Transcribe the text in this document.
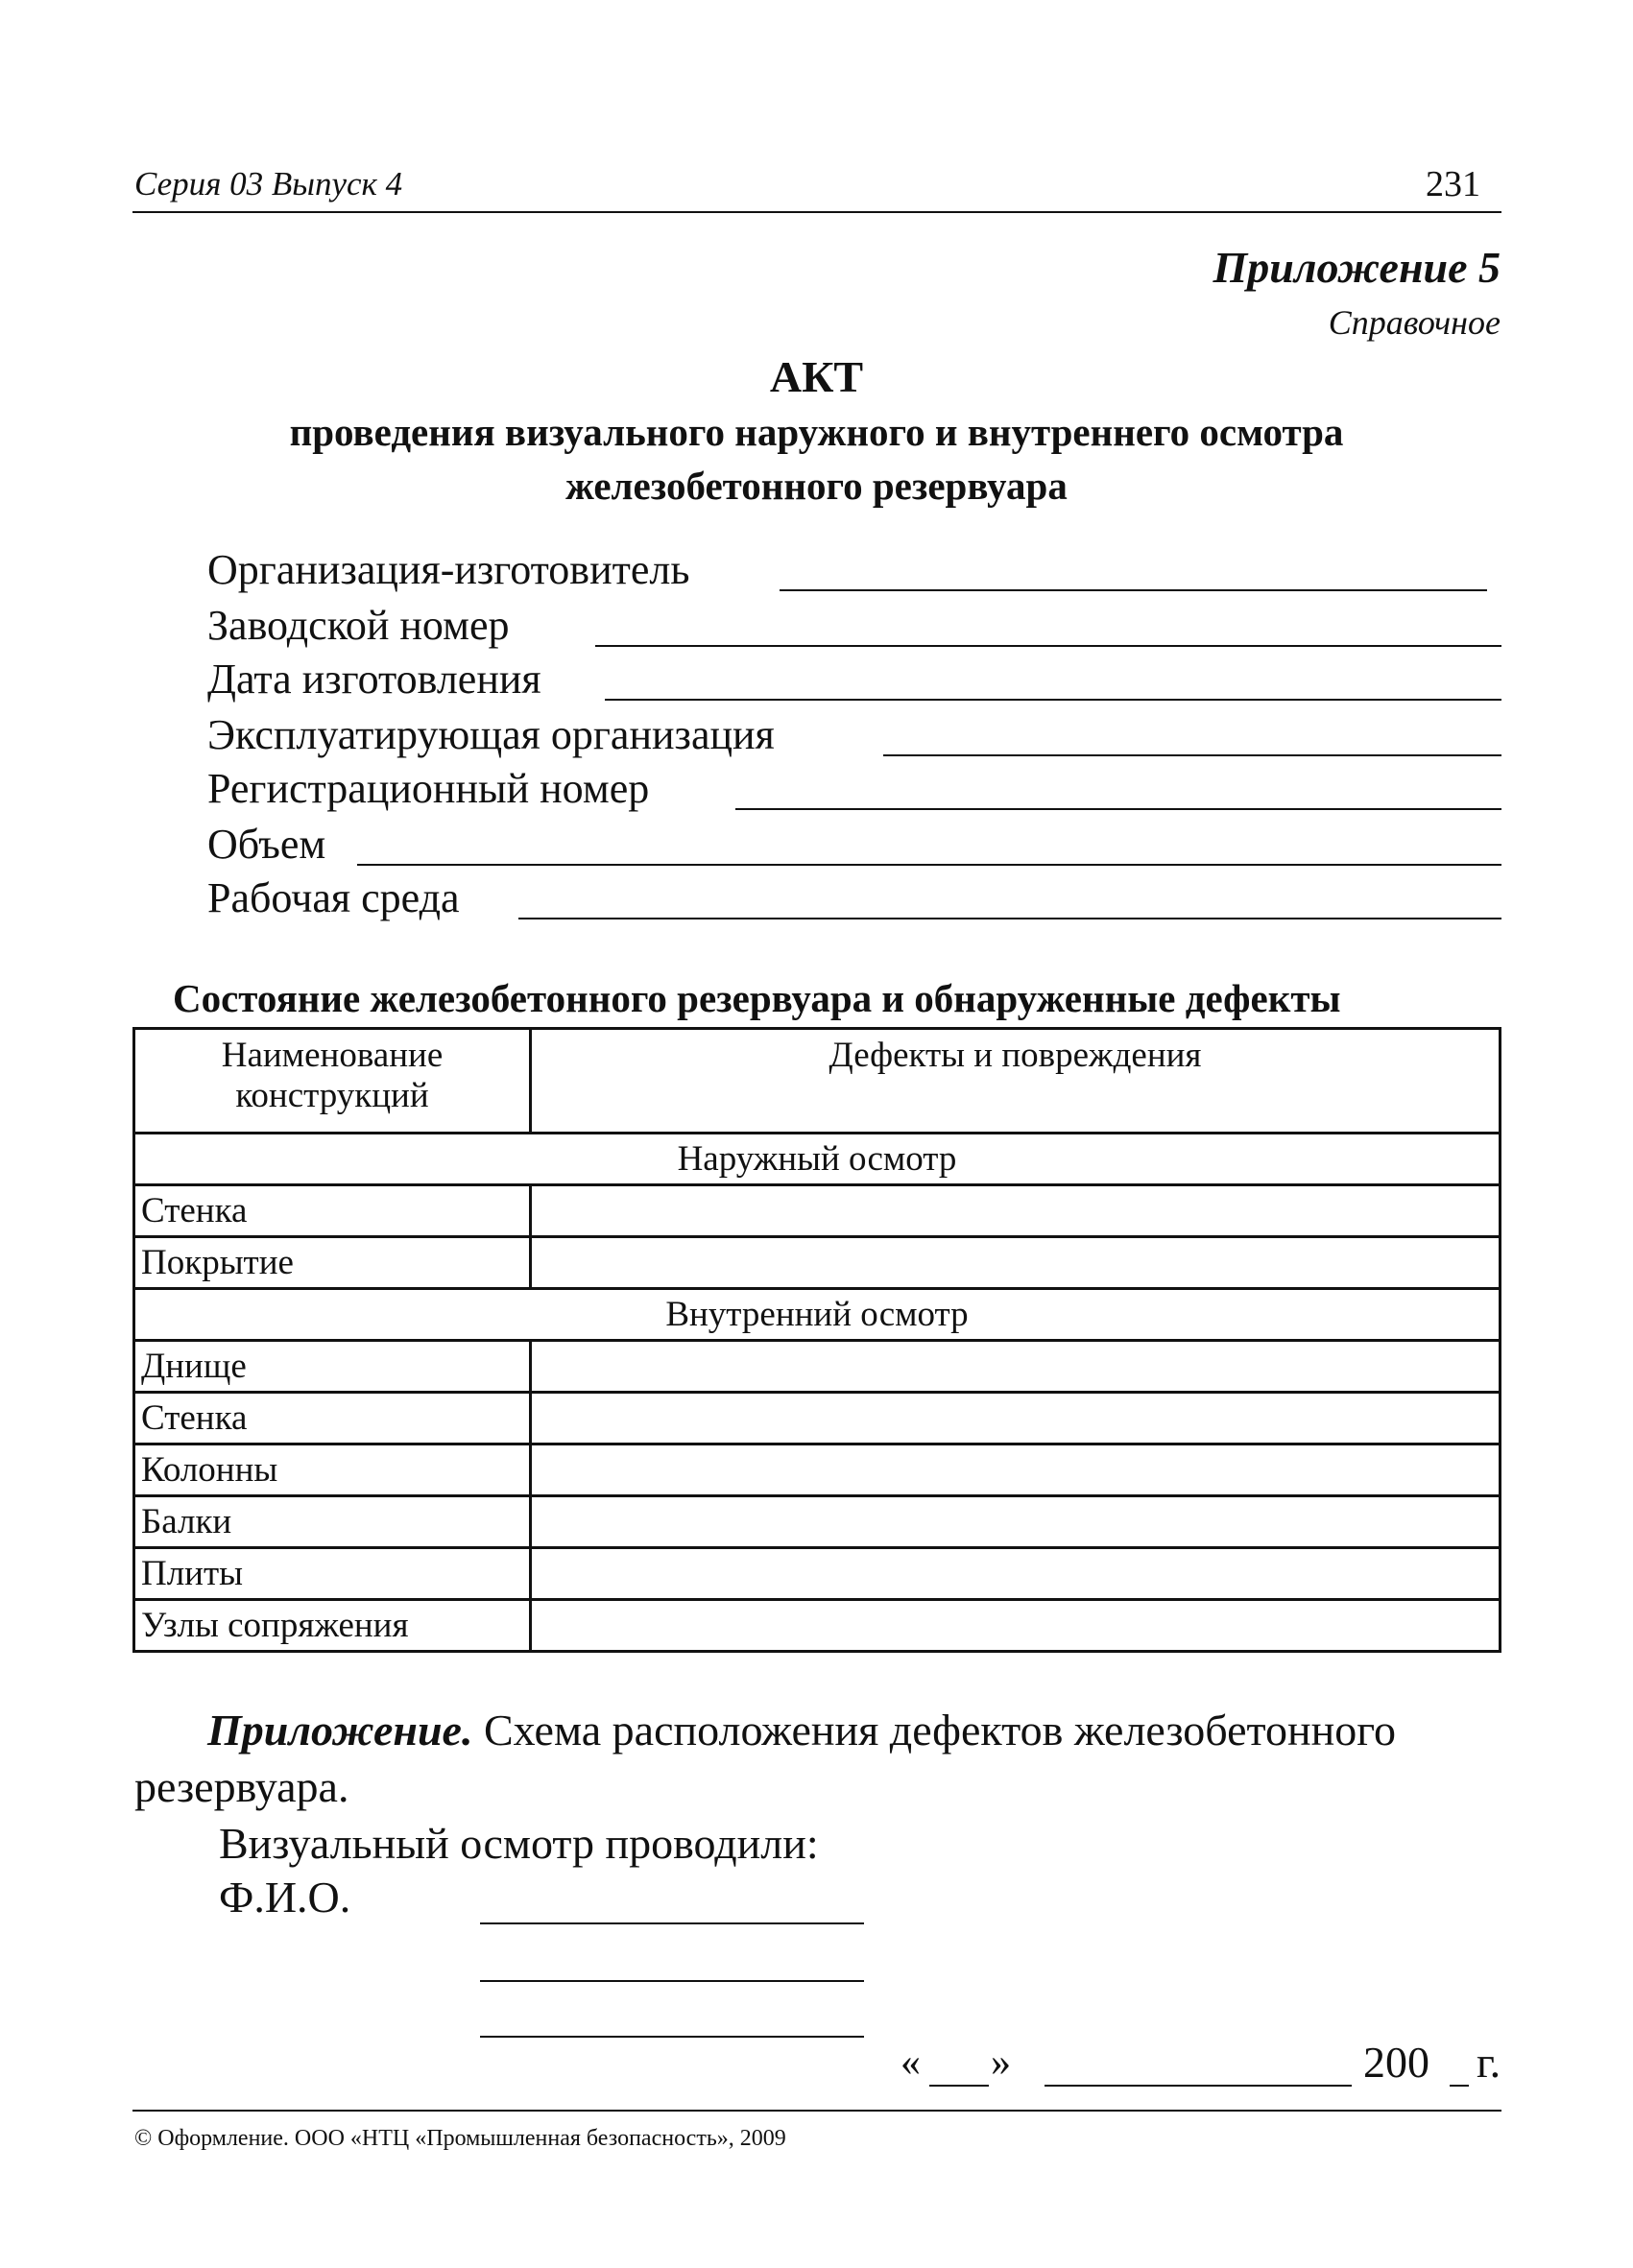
Серия 03 Выпуск 4	231
Приложение 5
Справочное
АКТ
проведения визуального наружного и внутреннего осмотра
железобетонного резервуара
Организация-изготовитель
Заводской номер
Дата изготовления
Эксплуатирующая организация
Регистрационный номер
Объем
Рабочая среда
Состояние железобетонного резервуара и обнаруженные дефекты
Наименование конструкций	Дефекты и повреждения
Наружный осмотр	
Стенка	
Покрытие	
Внутренний осмотр	
Днище	
Стенка	
Колонны	
Балки	
Плиты	
Узлы сопряжения	
Приложение. Схема расположения дефектов железобетонного
резервуара.
Визуальный осмотр проводили:
Ф.И.О.
« »	200 г.
© Оформление. ООО «НТЦ «Промышленная безопасность», 2009
